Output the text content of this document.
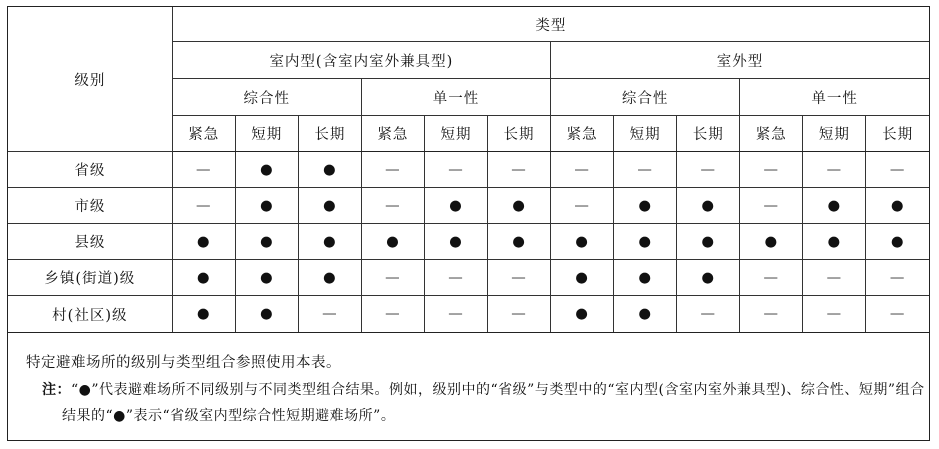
级别	类型											
	室内型(含室内室外兼具型)						室外型					
	综合性			单一性			综合性			单一性		
	紧急	短期	长期	紧急	短期	长期	紧急	短期	长期	紧急	短期	长期
省级	—	●	●	—	—	—	—	—	—	—	—	—
市级	—	●	●	—	●	●	—	●	●	—	●	●
县级	●	●	●	●	●	●	●	●	●	●	●	●
乡镇(街道)级	●	●	●	—	—	—	●	●	●	—	—	—
村(社区)级	●	●	—	—	—	—	●	●	—	—	—	—
特定避难场所的级别与类型组合参照使用本表。
注：“●”代表避难场所不同级别与不同类型组合结果。例如，级别中的“省级”与类型中的“室内型(含室内室外兼具型)、综合性、短期”组合结果的“●”表示“省级室内型综合性短期避难场所”。
